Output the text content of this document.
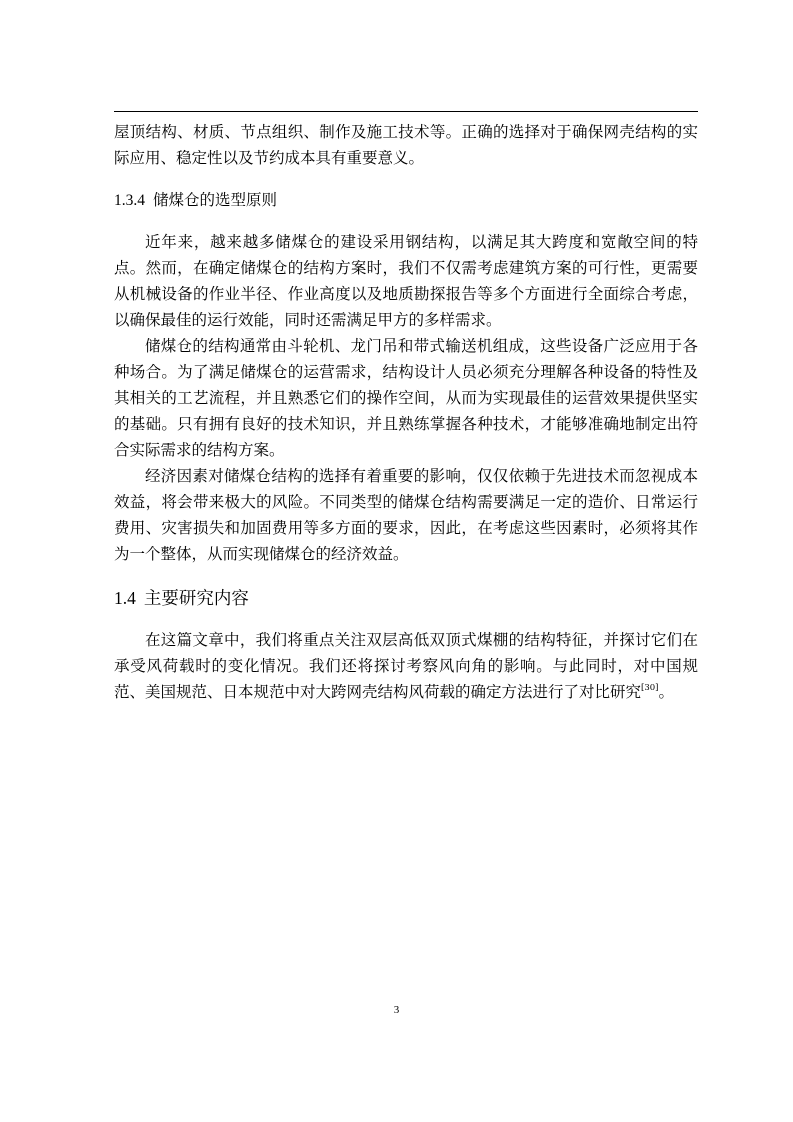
屋顶结构、材质、节点组织、制作及施工技术等。正确的选择对于确保网壳结构的实际应用、稳定性以及节约成本具有重要意义。

1.3.4 储煤仓的选型原则

近年来，越来越多储煤仓的建设采用钢结构，以满足其大跨度和宽敞空间的特点。然而，在确定储煤仓的结构方案时，我们不仅需考虑建筑方案的可行性，更需要从机械设备的作业半径、作业高度以及地质勘探报告等多个方面进行全面综合考虑，以确保最佳的运行效能，同时还需满足甲方的多样需求。

储煤仓的结构通常由斗轮机、龙门吊和带式输送机组成，这些设备广泛应用于各种场合。为了满足储煤仓的运营需求，结构设计人员必须充分理解各种设备的特性及其相关的工艺流程，并且熟悉它们的操作空间，从而为实现最佳的运营效果提供坚实的基础。只有拥有良好的技术知识，并且熟练掌握各种技术，才能够准确地制定出符合实际需求的结构方案。

经济因素对储煤仓结构的选择有着重要的影响，仅仅依赖于先进技术而忽视成本效益，将会带来极大的风险。不同类型的储煤仓结构需要满足一定的造价、日常运行费用、灾害损失和加固费用等多方面的要求，因此，在考虑这些因素时，必须将其作为一个整体，从而实现储煤仓的经济效益。

1.4 主要研究内容

在这篇文章中，我们将重点关注双层高低双顶式煤棚的结构特征，并探讨它们在承受风荷载时的变化情况。我们还将探讨考察风向角的影响。与此同时，对中国规范、美国规范、日本规范中对大跨网壳结构风荷载的确定方法进行了对比研究[30]。

3
